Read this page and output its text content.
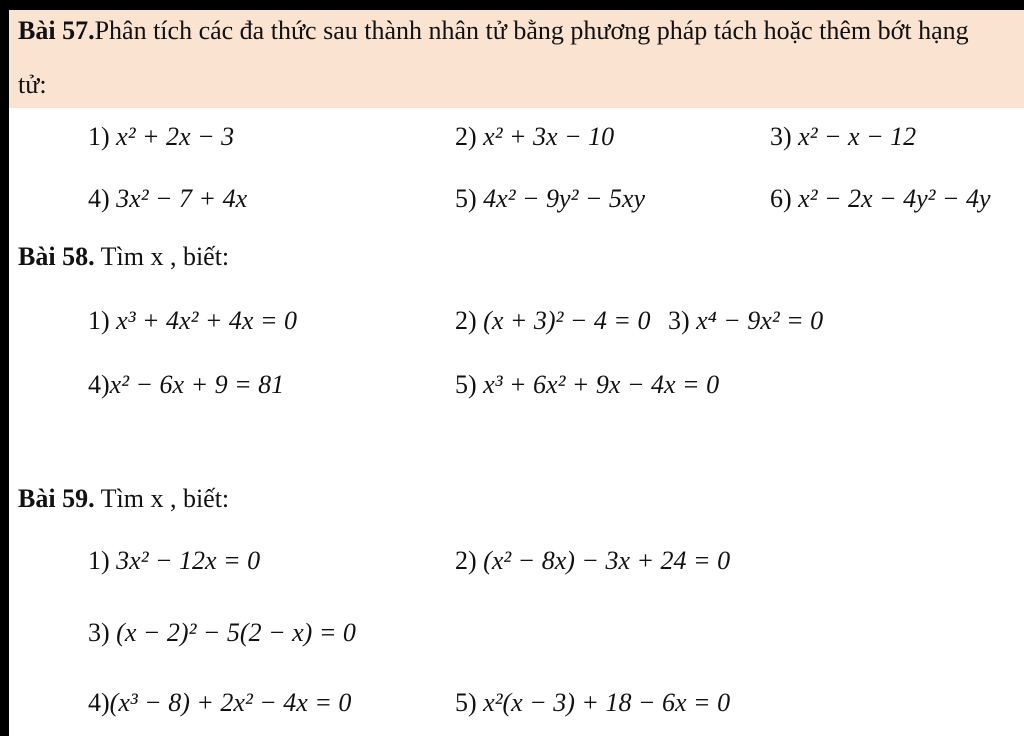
Bài 57.Phân tích các đa thức sau thành nhân tử bằng phương pháp tách hoặc thêm bớt hạng
tử:
1) x² + 2x − 3	2) x² + 3x − 10	3) x² − x − 12
4) 3x² − 7 + 4x	5) 4x² − 9y² − 5xy	6) x² − 2x − 4y² − 4y
Bài 58. Tìm x , biết:
1) x³ + 4x² + 4x = 0	2) (x + 3)² − 4 = 0 3) x⁴ − 9x² = 0
4)x² − 6x + 9 = 81	5) x³ + 6x² + 9x − 4x = 0
Bài 59. Tìm x , biết:
1) 3x² − 12x = 0	2) (x² − 8x) − 3x + 24 = 0
3) (x − 2)² − 5(2 − x) = 0
4)(x³ − 8) + 2x² − 4x = 0	5) x²(x − 3) + 18 − 6x = 0
